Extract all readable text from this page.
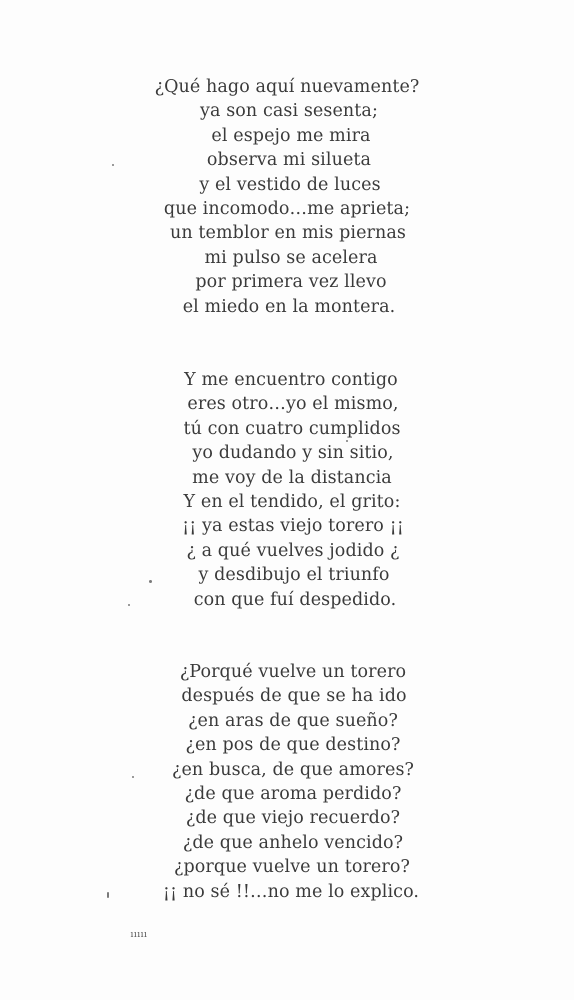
¿Qué hago aquí nuevamente?
ya son casi sesenta;
el espejo me mira
observa mi silueta
y el vestido de luces
que incomodo…me aprieta;
un temblor en mis piernas
mi pulso se acelera
por primera vez llevo
el miedo en la montera.
Y me encuentro contigo
eres otro…yo el mismo,
tú con cuatro cumplidos
yo dudando y sin sitio,
me voy de la distancia
Y en el tendido, el grito:
¡¡ ya estas viejo torero ¡¡
¿ a qué vuelves jodido ¿
y desdibujo el triunfo
con que fuí despedido.
¿Porqué vuelve un torero
después de que se ha ido
¿en aras de que sueño?
¿en pos de que destino?
¿en busca, de que amores?
¿de que aroma perdido?
¿de que viejo recuerdo?
¿de que anhelo vencido?
¿porque vuelve un torero?
¡¡ no sé !!…no me lo explico.
ııııı
